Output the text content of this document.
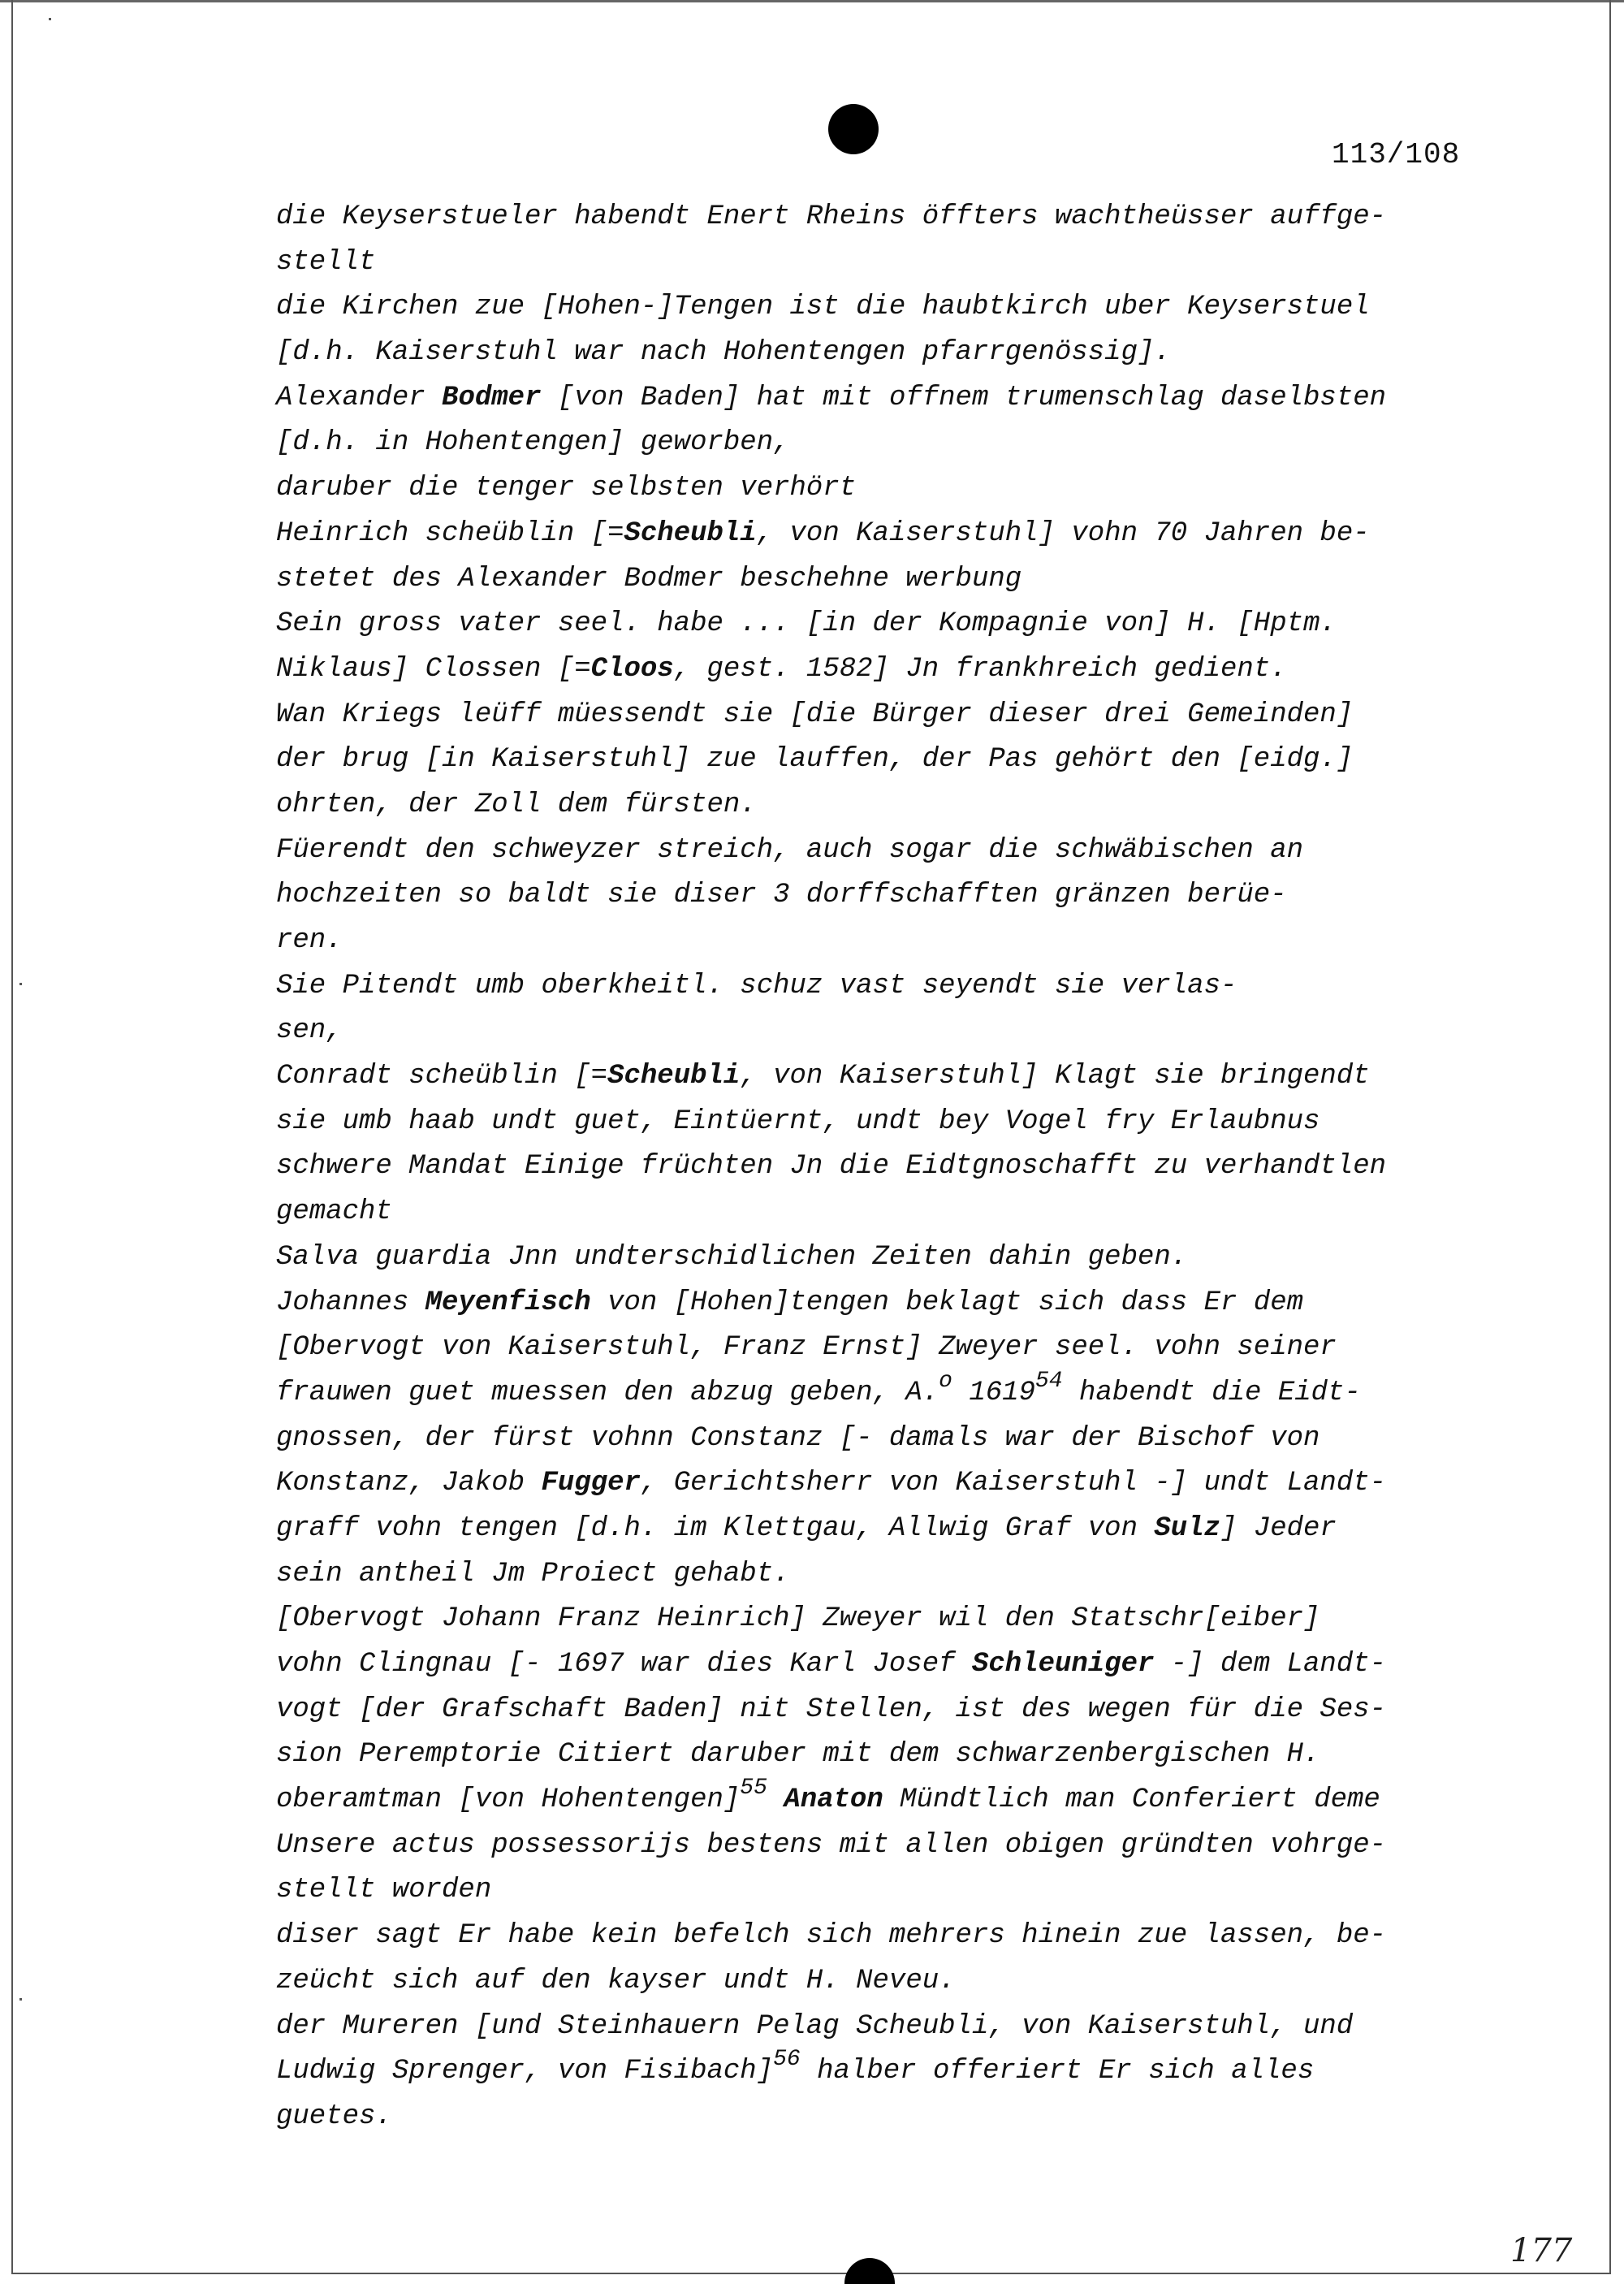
113/108
die Keyserstueler habendt Enert Rheins öffters wachtheüsser auffge-
stellt
die Kirchen zue [Hohen-]Tengen ist die haubtkirch uber Keyserstuel
[d.h. Kaiserstuhl war nach Hohentengen pfarrgenössig].
Alexander Bodmer [von Baden] hat mit offnem trumenschlag daselbsten
[d.h. in Hohentengen] geworben,
daruber die tenger selbsten verhört
Heinrich scheüblin [=Scheubli, von Kaiserstuhl] vohn 70 Jahren be-
stetet des Alexander Bodmer beschehne werbung
Sein gross vater seel. habe ... [in der Kompagnie von] H. [Hptm.
Niklaus] Clossen [=Cloos, gest. 1582] Jn frankhreich gedient.
Wan Kriegs leüff müessendt sie [die Bürger dieser drei Gemeinden]
der brug [in Kaiserstuhl] zue lauffen, der Pas gehört den [eidg.]
ohrten, der Zoll dem fürsten.
Füerendt den schweyzer streich, auch sogar die schwäbischen an
hochzeiten so baldt sie diser 3 dorffschafften gränzen berüe-
ren.
Sie Pitendt umb oberkheitl. schuz vast seyendt sie verlas-
sen,
Conradt scheüblin [=Scheubli, von Kaiserstuhl] Klagt sie bringendt
sie umb haab undt guet, Eintüernt, undt bey Vogel fry Erlaubnus
schwere Mandat Einige früchten Jn die Eidtgnoschafft zu verhandtlen
gemacht
Salva guardia Jnn undterschidlichen Zeiten dahin geben.
Johannes Meyenfisch von [Hohen]tengen beklagt sich dass Er dem
[Obervogt von Kaiserstuhl, Franz Ernst] Zweyer seel. vohn seiner
frauwen guet muessen den abzug geben, A.$^o$ 1619$^{54}$ habendt die Eidt-
gnossen, der fürst vohnn Constanz [- damals war der Bischof von
Konstanz, Jakob Fugger, Gerichtsherr von Kaiserstuhl -] undt Landt-
graff vohn tengen [d.h. im Klettgau, Allwig Graf von Sulz] Jeder
sein antheil Jm Proiect gehabt.
[Obervogt Johann Franz Heinrich] Zweyer wil den Statschr[eiber]
vohn Clingnau [- 1697 war dies Karl Josef Schleuniger -] dem Landt-
vogt [der Grafschaft Baden] nit Stellen, ist des wegen für die Ses-
sion Peremptorie Citiert daruber mit dem schwarzenbergischen H.
oberamtman [von Hohentengen]$^{55}$ Anaton Mündtlich man Conferiert deme
Unsere actus possessorijs bestens mit allen obigen gründten vohrge-
stellt worden
diser sagt Er habe kein befelch sich mehrers hinein zue lassen, be-
zeücht sich auf den kayser undt H. Neveu.
der Mureren [und Steinhauern Pelag Scheubli, von Kaiserstuhl, und
Ludwig Sprenger, von Fisibach]$^{56}$ halber offeriert Er sich alles
guetes.
177
